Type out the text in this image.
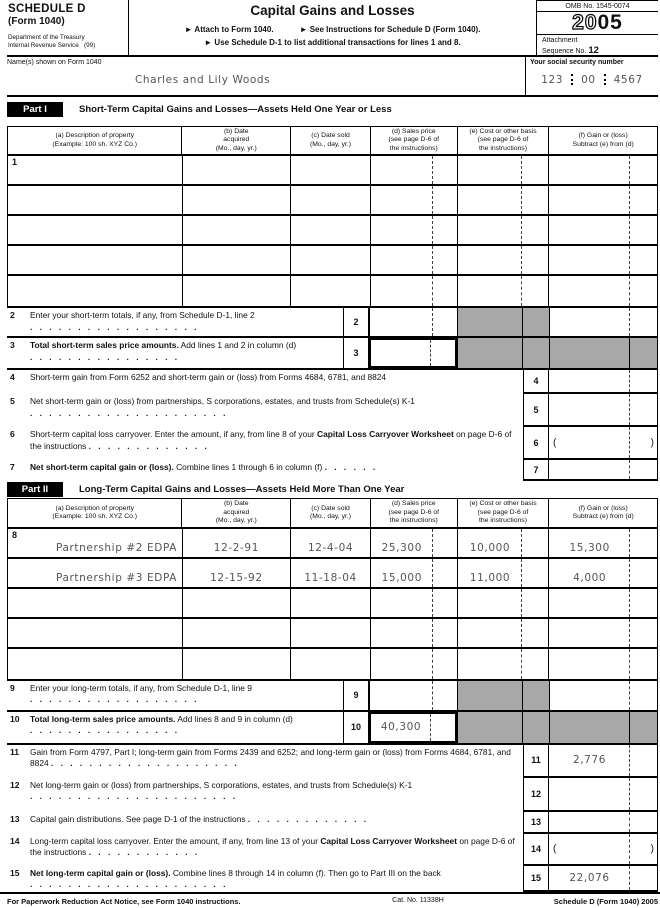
SCHEDULE D
(Form 1040)
Department of the Treasury
Internal Revenue Service (99)
Capital Gains and Losses
► Attach to Form 1040.	► See Instructions for Schedule D (Form 1040).
► Use Schedule D-1 to list additional transactions for lines 1 and 8.
OMB No. 1545-0074
2005
Attachment
Sequence No. 12
Name(s) shown on Form 1040
Charles and Lily Woods
Your social security number
123 00 4567
Part I	Short-Term Capital Gains and Losses—Assets Held One Year or Less
(a) Description of property
(Example: 100 sh. XYZ Co.)
(b) Date
acquired
(Mo., day, yr.)
(c) Date sold
(Mo., day, yr.)
(d) Sales price
(see page D-6 of
the instructions)
(e) Cost or other basis
(see page D-6 of
the instructions)
(f) Gain or (loss)
Subtract (e) from (d)
1
2	Enter your short-term totals, if any, from Schedule D-1, line 2 . . . . . . . . . . . . . . . . . .	2
3	Total short-term sales price amounts. Add lines 1 and 2 in column (d) . . . . . . . . . . . . . . . .	3
4	Short-term gain from Form 6252 and short-term gain or (loss) from Forms 4684, 6781, and 8824	4
5	Net short-term gain or (loss) from partnerships, S corporations, estates, and trusts from Schedule(s) K-1 . . . . . . . . . . . . . . . . . . . . .	5
6	Short-term capital loss carryover. Enter the amount, if any, from line 8 of your Capital Loss Carryover Worksheet on page D-6 of the instructions . . . . . . . . . . . . .	6 (	)
7	Net short-term capital gain or (loss). Combine lines 1 through 6 in column (f) . . . . . .	7
Part II	Long-Term Capital Gains and Losses—Assets Held More Than One Year
(a) Description of property
(Example: 100 sh. XYZ Co.)
(b) Date
acquired
(Mo., day, yr.)
(c) Date sold
(Mo., day, yr.)
(d) Sales price
(see page D-6 of
the instructions)
(e) Cost or other basis
(see page D-6 of
the instructions)
(f) Gain or (loss)
Subtract (e) from (d)
8
Partnership #2 EDPA	12-2-91	12-4-04	25,300	10,000	15,300
Partnership #3 EDPA	12-15-92	11-18-04 15,000	11,000	4,000
9	Enter your long-term totals, if any, from Schedule D-1, line 9 . . . . . . . . . . . . . . . . . .	9
10	Total long-term sales price amounts. Add lines 8 and 9 in column (d) . . . . . . . . . . . . . . . .	10 40,300
11	Gain from Form 4797, Part I; long-term gain from Forms 2439 and 6252; and long-term gain or (loss) from Forms 4684, 6781, and 8824 . . . . . . . . . . . . . . . . . . . .	11	2,776
12	Net long-term gain or (loss) from partnerships, S corporations, estates, and trusts from Schedule(s) K-1 . . . . . . . . . . . . . . . . . . . . . .	12
13	Capital gain distributions. See page D-1 of the instructions . . . . . . . . . . . . .	13
14	Long-term capital loss carryover. Enter the amount, if any, from line 13 of your Capital Loss Carryover Worksheet on page D-6 of the instructions . . . . . . . . . . . .	14 (	)
15	Net long-term capital gain or (loss). Combine lines 8 through 14 in column (f). Then go to Part III on the back . . . . . . . . . . . . . . . . . . . . .
15	22,076
For Paperwork Reduction Act Notice, see Form 1040 instructions.	Cat. No. 11338H	Schedule D (Form 1040) 2005
